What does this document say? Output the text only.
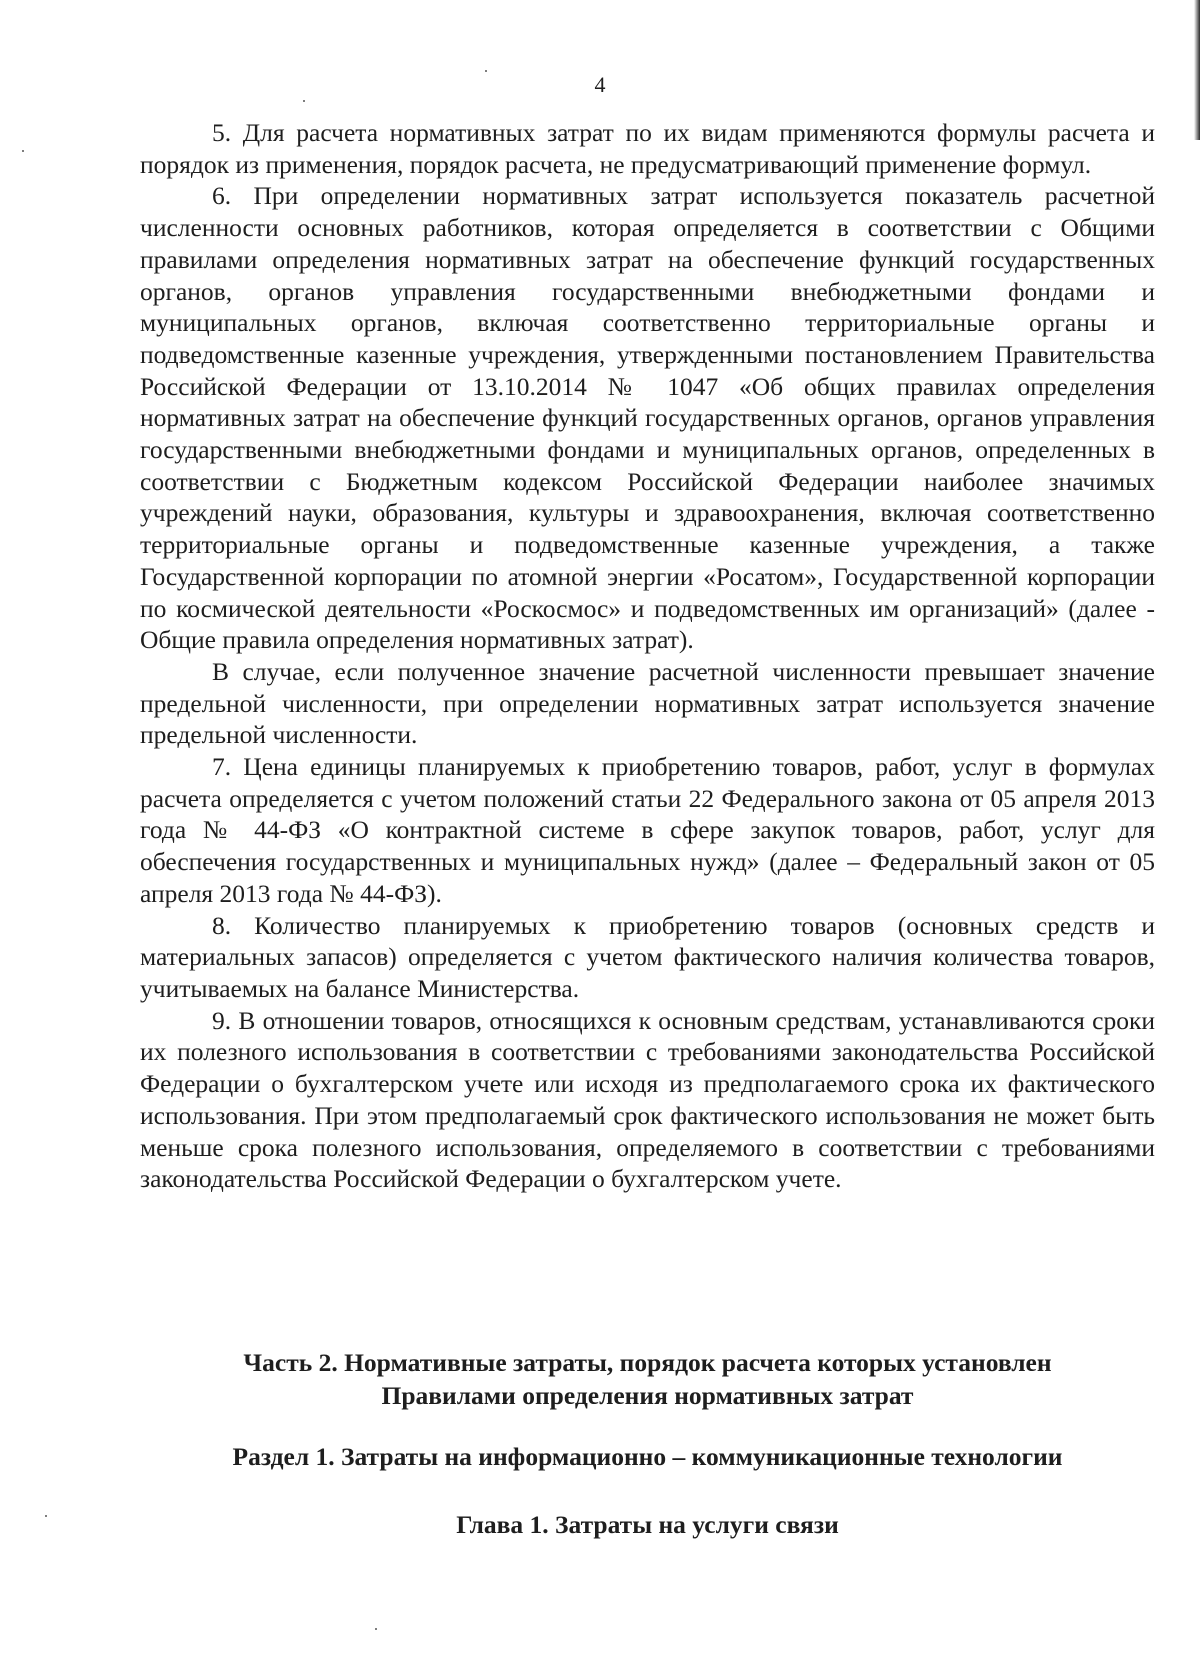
4

5. Для расчета нормативных затрат по их видам применяются формулы расчета и порядок из применения, порядок расчета, не предусматривающий применение формул.

6. При определении нормативных затрат используется показатель расчетной численности основных работников, которая определяется в соответствии с Общими правилами определения нормативных затрат на обеспечение функций государственных органов, органов управления государственными внебюджетными фондами и муниципальных органов, включая соответственно территориальные органы и подведомственные казенные учреждения, утвержденными постановлением Правительства Российской Федерации от 13.10.2014 № 1047 «Об общих правилах определения нормативных затрат на обеспечение функций государственных органов, органов управления государственными внебюджетными фондами и муниципальных органов, определенных в соответствии с Бюджетным кодексом Российской Федерации наиболее значимых учреждений науки, образования, культуры и здравоохранения, включая соответственно территориальные органы и подведомственные казенные учреждения, а также Государственной корпорации по атомной энергии «Росатом», Государственной корпорации по космической деятельности «Роскосмос» и подведомственных им организаций» (далее - Общие правила определения нормативных затрат).

В случае, если полученное значение расчетной численности превышает значение предельной численности, при определении нормативных затрат используется значение предельной численности.

7. Цена единицы планируемых к приобретению товаров, работ, услуг в формулах расчета определяется с учетом положений статьи 22 Федерального закона от 05 апреля 2013 года № 44-ФЗ «О контрактной системе в сфере закупок товаров, работ, услуг для обеспечения государственных и муниципальных нужд» (далее – Федеральный закон от 05 апреля 2013 года № 44-ФЗ).

8. Количество планируемых к приобретению товаров (основных средств и материальных запасов) определяется с учетом фактического наличия количества товаров, учитываемых на балансе Министерства.

9. В отношении товаров, относящихся к основным средствам, устанавливаются сроки их полезного использования в соответствии с требованиями законодательства Российской Федерации о бухгалтерском учете или исходя из предполагаемого срока их фактического использования. При этом предполагаемый срок фактического использования не может быть меньше срока полезного использования, определяемого в соответствии с требованиями законодательства Российской Федерации о бухгалтерском учете.

Часть 2. Нормативные затраты, порядок расчета которых установлен
Правилами определения нормативных затрат
Раздел 1. Затраты на информационно – коммуникационные технологии
Глава 1. Затраты на услуги связи
